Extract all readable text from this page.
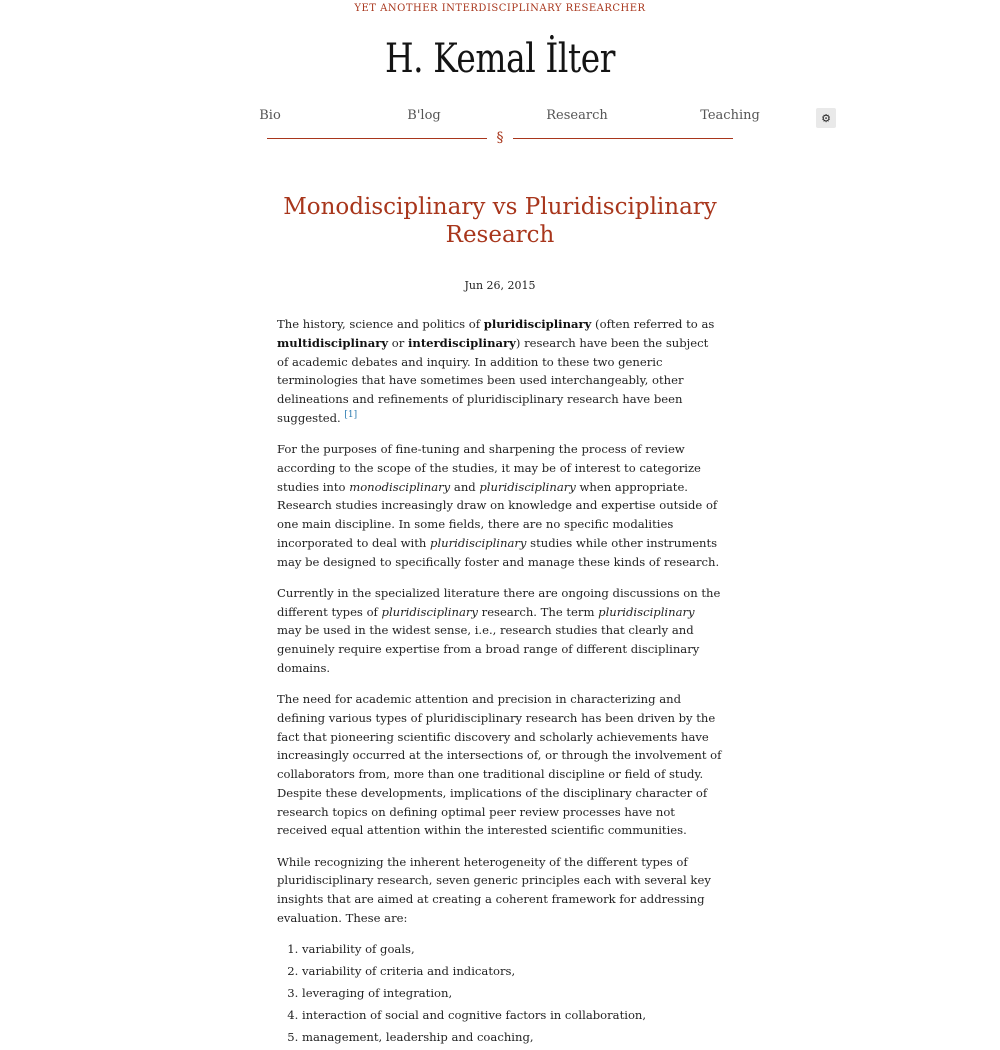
YET ANOTHER INTERDISCIPLINARY RESEARCHER
H. Kemal İlter
Bio	B'log	Research	Teaching	⚙
§
Monodisciplinary vs Pluridisciplinary Research
Jun 26, 2015

The history, science and politics of pluridisciplinary (often referred to as multidisciplinary or interdisciplinary) research have been the subject of academic debates and inquiry. In addition to these two generic terminologies that have sometimes been used interchangeably, other delineations and refinements of pluridisciplinary research have been suggested. [1]

For the purposes of fine-tuning and sharpening the process of review according to the scope of the studies, it may be of interest to categorize studies into monodisciplinary and pluridisciplinary when appropriate. Research studies increasingly draw on knowledge and expertise outside of one main discipline. In some fields, there are no specific modalities incorporated to deal with pluridisciplinary studies while other instruments may be designed to specifically foster and manage these kinds of research.

Currently in the specialized literature there are ongoing discussions on the different types of pluridisciplinary research. The term pluridisciplinary may be used in the widest sense, i.e., research studies that clearly and genuinely require expertise from a broad range of different disciplinary domains.

The need for academic attention and precision in characterizing and defining various types of pluridisciplinary research has been driven by the fact that pioneering scientific discovery and scholarly achievements have increasingly occurred at the intersections of, or through the involvement of collaborators from, more than one traditional discipline or field of study. Despite these developments, implications of the disciplinary character of research topics on defining optimal peer review processes have not received equal attention within the interested scientific communities.

While recognizing the inherent heterogeneity of the different types of pluridisciplinary research, seven generic principles each with several key insights that are aimed at creating a coherent framework for addressing evaluation. These are:

1. variability of goals,
2. variability of criteria and indicators,
3. leveraging of integration,
4. interaction of social and cognitive factors in collaboration,
5. management, leadership and coaching,
